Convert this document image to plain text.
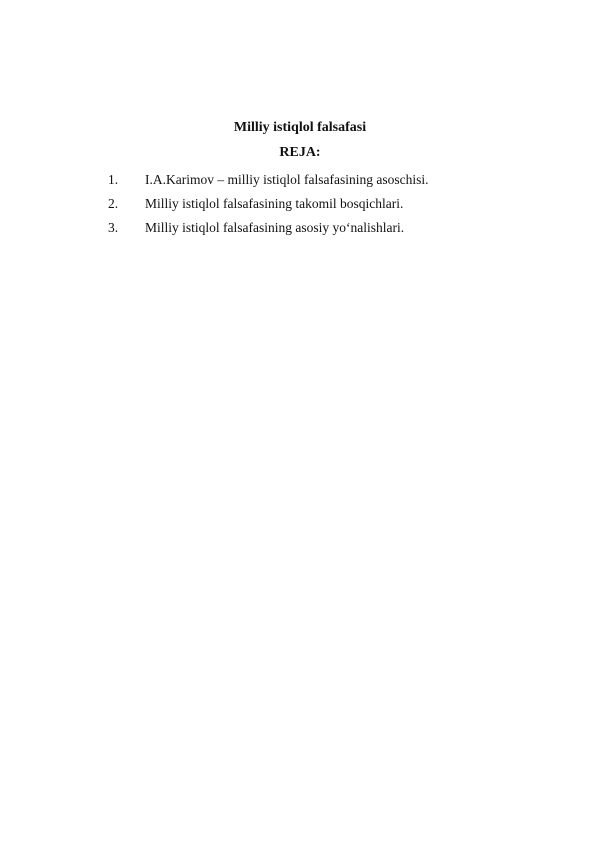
Milliy istiqlol falsafasi
REJA:
1.	I.A.Karimov – milliy istiqlol falsafasining asoschisi.
2.	Milliy istiqlol falsafasining takomil bosqichlari.
3.	Milliy istiqlol falsafasining asosiy yo‘nalishlari.
